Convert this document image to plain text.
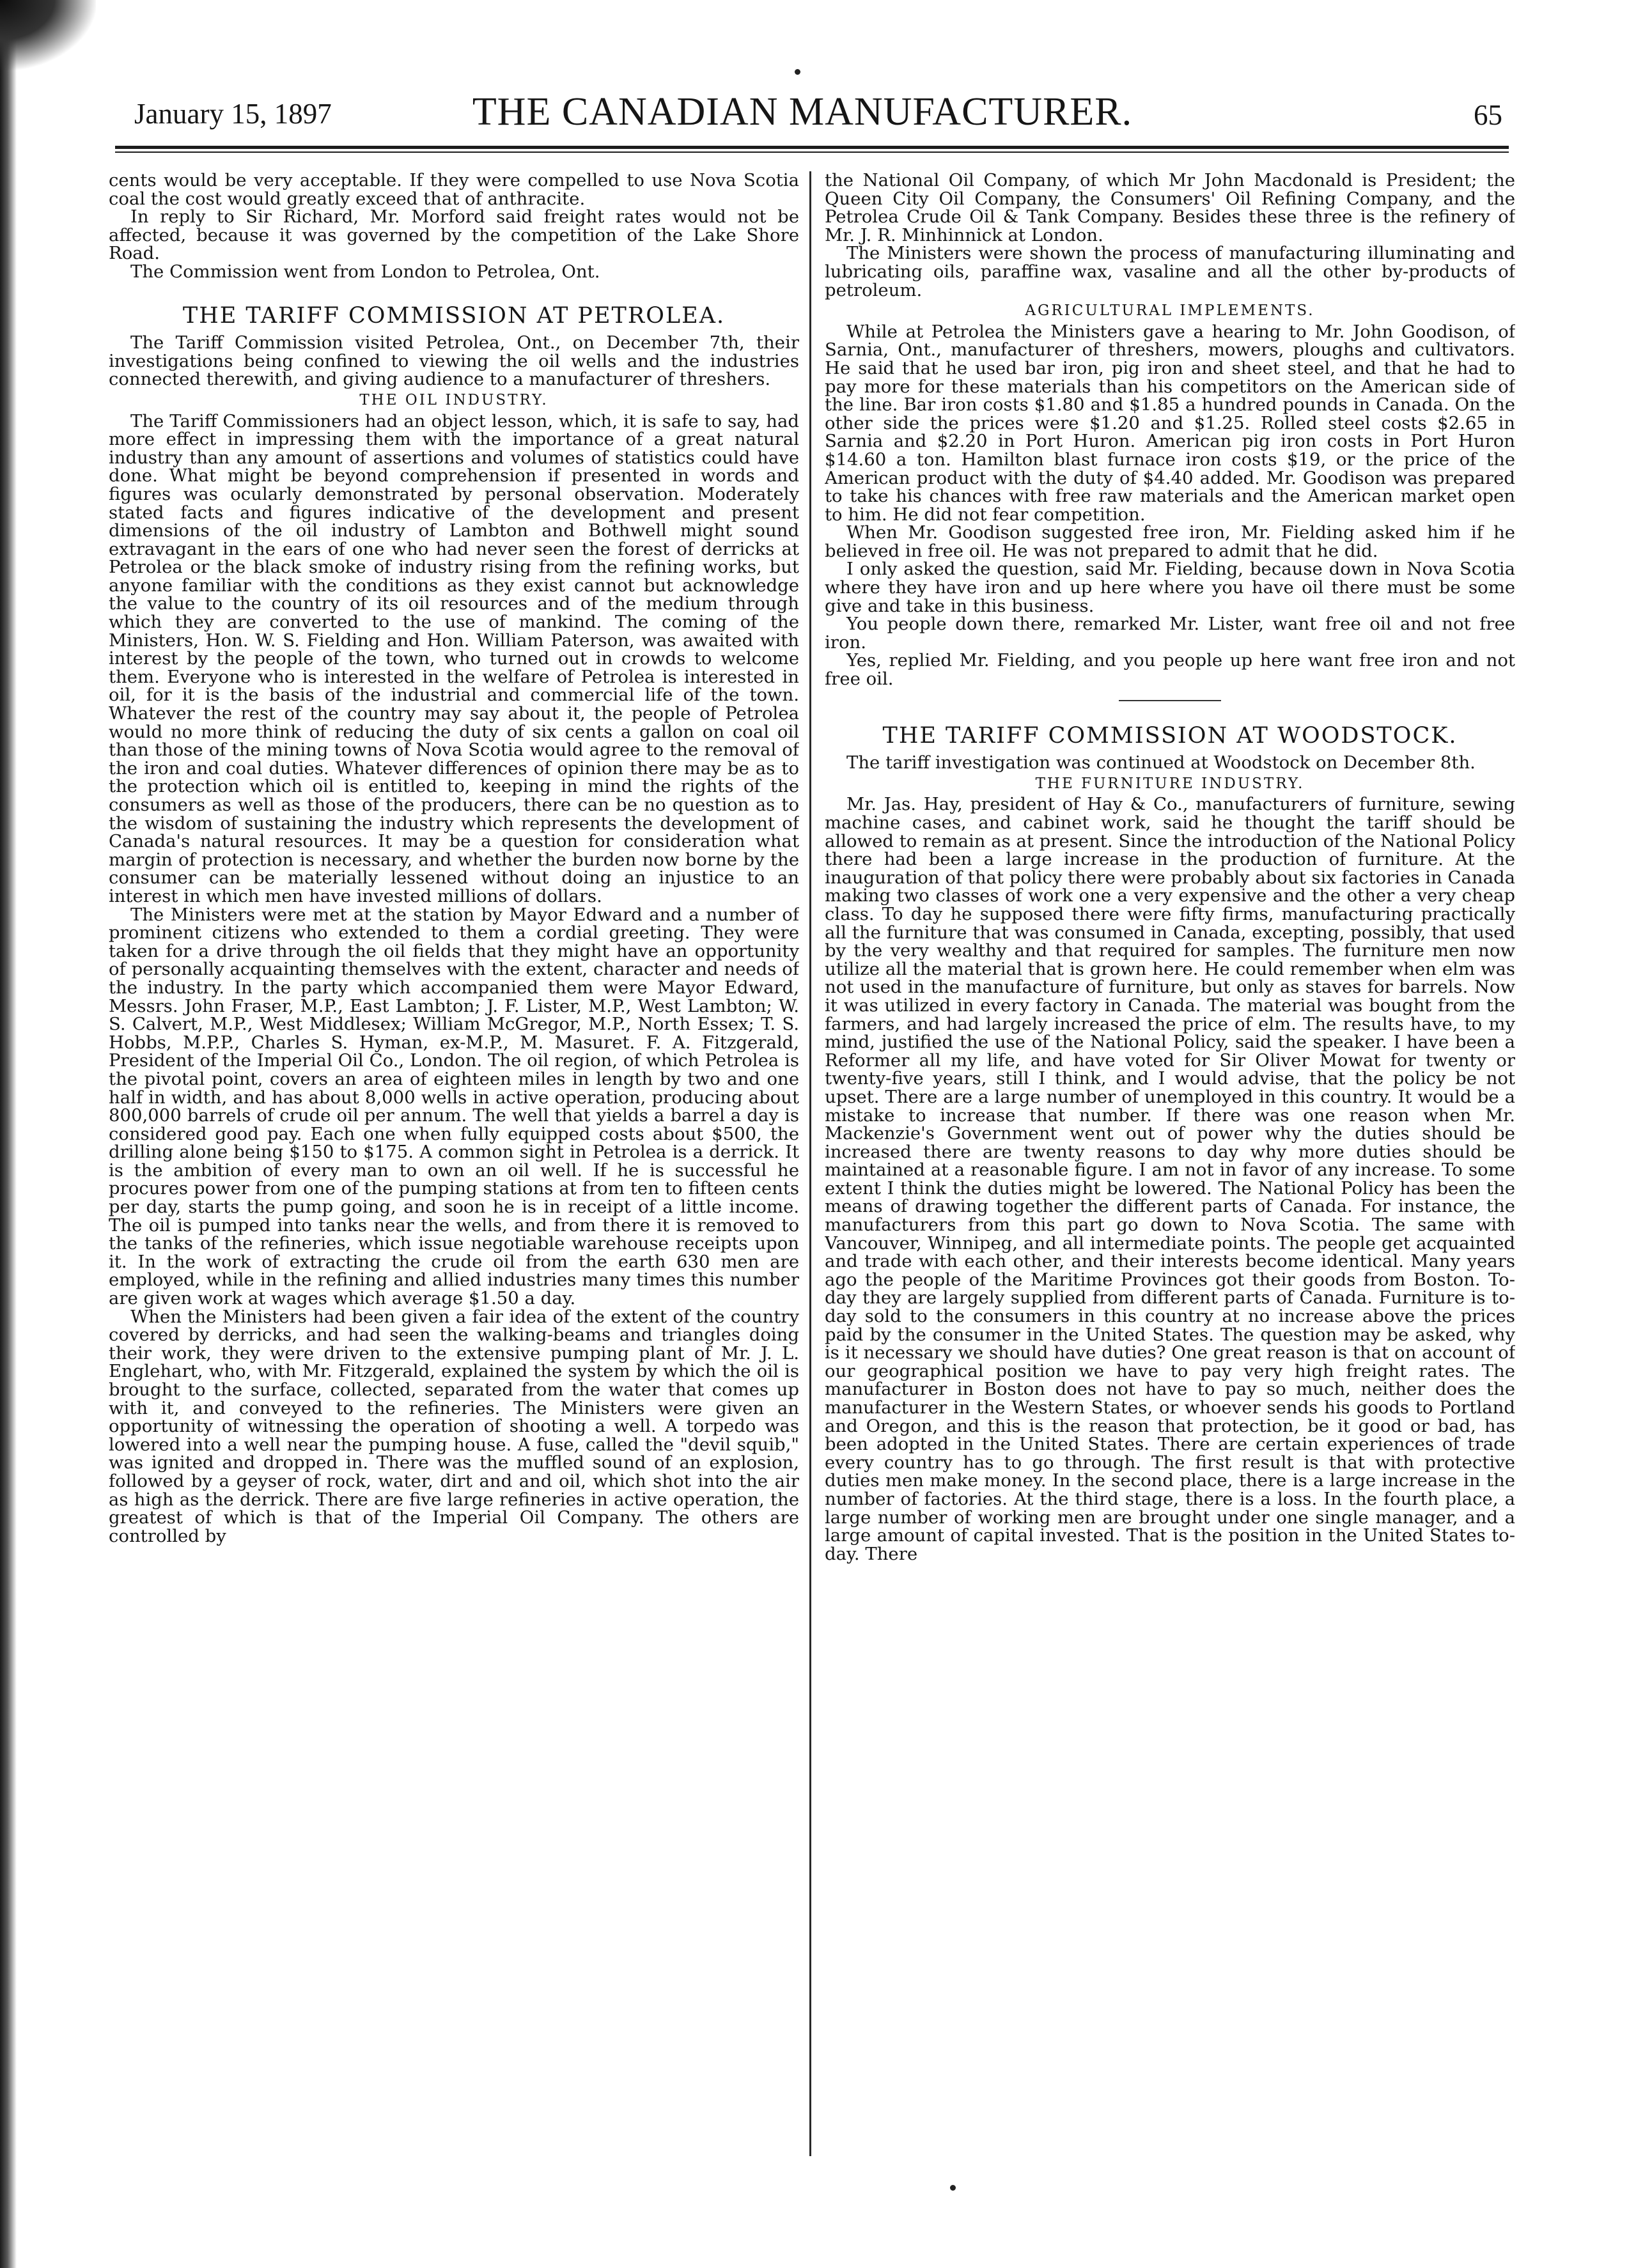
January 15, 1897	THE CANADIAN MANUFACTURER.	65

cents would be very acceptable. If they were compelled to use Nova Scotia coal the cost would greatly exceed that of anthracite.

In reply to Sir Richard, Mr. Morford said freight rates would not be affected, because it was governed by the competition of the Lake Shore Road.

The Commission went from London to Petrolea, Ont.

THE TARIFF COMMISSION AT PETROLEA.

The Tariff Commission visited Petrolea, Ont., on December 7th, their investigations being confined to viewing the oil wells and the industries connected therewith, and giving audience to a manufacturer of threshers.

THE OIL INDUSTRY.

The Tariff Commissioners had an object lesson, which, it is safe to say, had more effect in impressing them with the importance of a great natural industry than any amount of assertions and volumes of statistics could have done. What might be beyond comprehension if presented in words and figures was ocularly demonstrated by personal observation. Moderately stated facts and figures indicative of the development and present dimensions of the oil industry of Lambton and Bothwell might sound extravagant in the ears of one who had never seen the forest of derricks at Petrolea or the black smoke of industry rising from the refining works, but anyone familiar with the conditions as they exist cannot but acknowledge the value to the country of its oil resources and of the medium through which they are converted to the use of mankind. The coming of the Ministers, Hon. W. S. Fielding and Hon. William Paterson, was awaited with interest by the people of the town, who turned out in crowds to welcome them. Everyone who is interested in the welfare of Petrolea is interested in oil, for it is the basis of the industrial and commercial life of the town. Whatever the rest of the country may say about it, the people of Petrolea would no more think of reducing the duty of six cents a gallon on coal oil than those of the mining towns of Nova Scotia would agree to the removal of the iron and coal duties. Whatever differences of opinion there may be as to the protection which oil is entitled to, keeping in mind the rights of the consumers as well as those of the producers, there can be no question as to the wisdom of sustaining the industry which represents the development of Canada's natural resources. It may be a question for consideration what margin of protection is necessary, and whether the burden now borne by the consumer can be materially lessened without doing an injustice to an interest in which men have invested millions of dollars.

The Ministers were met at the station by Mayor Edward and a number of prominent citizens who extended to them a cordial greeting. They were taken for a drive through the oil fields that they might have an opportunity of personally acquainting themselves with the extent, character and needs of the industry. In the party which accompanied them were Mayor Edward, Messrs. John Fraser, M.P., East Lambton; J. F. Lister, M.P., West Lambton; W. S. Calvert, M.P., West Middlesex; William McGregor, M.P., North Essex; T. S. Hobbs, M.P.P., Charles S. Hyman, ex-M.P., M. Masuret. F. A. Fitzgerald, President of the Imperial Oil Co., London. The oil region, of which Petrolea is the pivotal point, covers an area of eighteen miles in length by two and one half in width, and has about 8,000 wells in active operation, producing about 800,000 barrels of crude oil per annum. The well that yields a barrel a day is considered good pay. Each one when fully equipped costs about $500, the drilling alone being $150 to $175. A common sight in Petrolea is a derrick. It is the ambition of every man to own an oil well. If he is successful he procures power from one of the pumping stations at from ten to fifteen cents per day, starts the pump going, and soon he is in receipt of a little income. The oil is pumped into tanks near the wells, and from there it is removed to the tanks of the refineries, which issue negotiable warehouse receipts upon it. In the work of extracting the crude oil from the earth 630 men are employed, while in the refining and allied industries many times this number are given work at wages which average $1.50 a day.

When the Ministers had been given a fair idea of the extent of the country covered by derricks, and had seen the walking-beams and triangles doing their work, they were driven to the extensive pumping plant of Mr. J. L. Englehart, who, with Mr. Fitzgerald, explained the system by which the oil is brought to the surface, collected, separated from the water that comes up with it, and conveyed to the refineries. The Ministers were given an opportunity of witnessing the operation of shooting a well. A torpedo was lowered into a well near the pumping house. A fuse, called the "devil squib," was ignited and dropped in. There was the muffled sound of an explosion, followed by a geyser of rock, water, dirt and and oil, which shot into the air as high as the derrick. There are five large refineries in active operation, the greatest of which is that of the Imperial Oil Company. The others are controlled by

the National Oil Company, of which Mr John Macdonald is President; the Queen City Oil Company, the Consumers' Oil Refining Company, and the Petrolea Crude Oil & Tank Company. Besides these three is the refinery of Mr. J. R. Minhinnick at London.

The Ministers were shown the process of manufacturing illuminating and lubricating oils, paraffine wax, vasaline and all the other by-products of petroleum.

AGRICULTURAL IMPLEMENTS.

While at Petrolea the Ministers gave a hearing to Mr. John Goodison, of Sarnia, Ont., manufacturer of threshers, mowers, ploughs and cultivators. He said that he used bar iron, pig iron and sheet steel, and that he had to pay more for these materials than his competitors on the American side of the line. Bar iron costs $1.80 and $1.85 a hundred pounds in Canada. On the other side the prices were $1.20 and $1.25. Rolled steel costs $2.65 in Sarnia and $2.20 in Port Huron. American pig iron costs in Port Huron $14.60 a ton. Hamilton blast furnace iron costs $19, or the price of the American product with the duty of $4.40 added. Mr. Goodison was prepared to take his chances with free raw materials and the American market open to him. He did not fear competition.

When Mr. Goodison suggested free iron, Mr. Fielding asked him if he believed in free oil. He was not prepared to admit that he did.

I only asked the question, said Mr. Fielding, because down in Nova Scotia where they have iron and up here where you have oil there must be some give and take in this business.

You people down there, remarked Mr. Lister, want free oil and not free iron.

Yes, replied Mr. Fielding, and you people up here want free iron and not free oil.

THE TARIFF COMMISSION AT WOODSTOCK.

The tariff investigation was continued at Woodstock on December 8th.

THE FURNITURE INDUSTRY.

Mr. Jas. Hay, president of Hay & Co., manufacturers of furniture, sewing machine cases, and cabinet work, said he thought the tariff should be allowed to remain as at present. Since the introduction of the National Policy there had been a large increase in the production of furniture. At the inauguration of that policy there were probably about six factories in Canada making two classes of work one a very expensive and the other a very cheap class. To day he supposed there were fifty firms, manufacturing practically all the furniture that was consumed in Canada, excepting, possibly, that used by the very wealthy and that required for samples. The furniture men now utilize all the material that is grown here. He could remember when elm was not used in the manufacture of furniture, but only as staves for barrels. Now it was utilized in every factory in Canada. The material was bought from the farmers, and had largely increased the price of elm. The results have, to my mind, justified the use of the National Policy, said the speaker. I have been a Reformer all my life, and have voted for Sir Oliver Mowat for twenty or twenty-five years, still I think, and I would advise, that the policy be not upset. There are a large number of unemployed in this country. It would be a mistake to increase that number. If there was one reason when Mr. Mackenzie's Government went out of power why the duties should be increased there are twenty reasons to day why more duties should be maintained at a reasonable figure. I am not in favor of any increase. To some extent I think the duties might be lowered. The National Policy has been the means of drawing together the different parts of Canada. For instance, the manufacturers from this part go down to Nova Scotia. The same with Vancouver, Winnipeg, and all intermediate points. The people get acquainted and trade with each other, and their interests become identical. Many years ago the people of the Maritime Provinces got their goods from Boston. To-day they are largely supplied from different parts of Canada. Furniture is to-day sold to the consumers in this country at no increase above the prices paid by the consumer in the United States. The question may be asked, why is it necessary we should have duties? One great reason is that on account of our geographical position we have to pay very high freight rates. The manufacturer in Boston does not have to pay so much, neither does the manufacturer in the Western States, or whoever sends his goods to Portland and Oregon, and this is the reason that protection, be it good or bad, has been adopted in the United States. There are certain experiences of trade every country has to go through. The first result is that with protective duties men make money. In the second place, there is a large increase in the number of factories. At the third stage, there is a loss. In the fourth place, a large number of working men are brought under one single manager, and a large amount of capital invested. That is the position in the United States to-day. There
